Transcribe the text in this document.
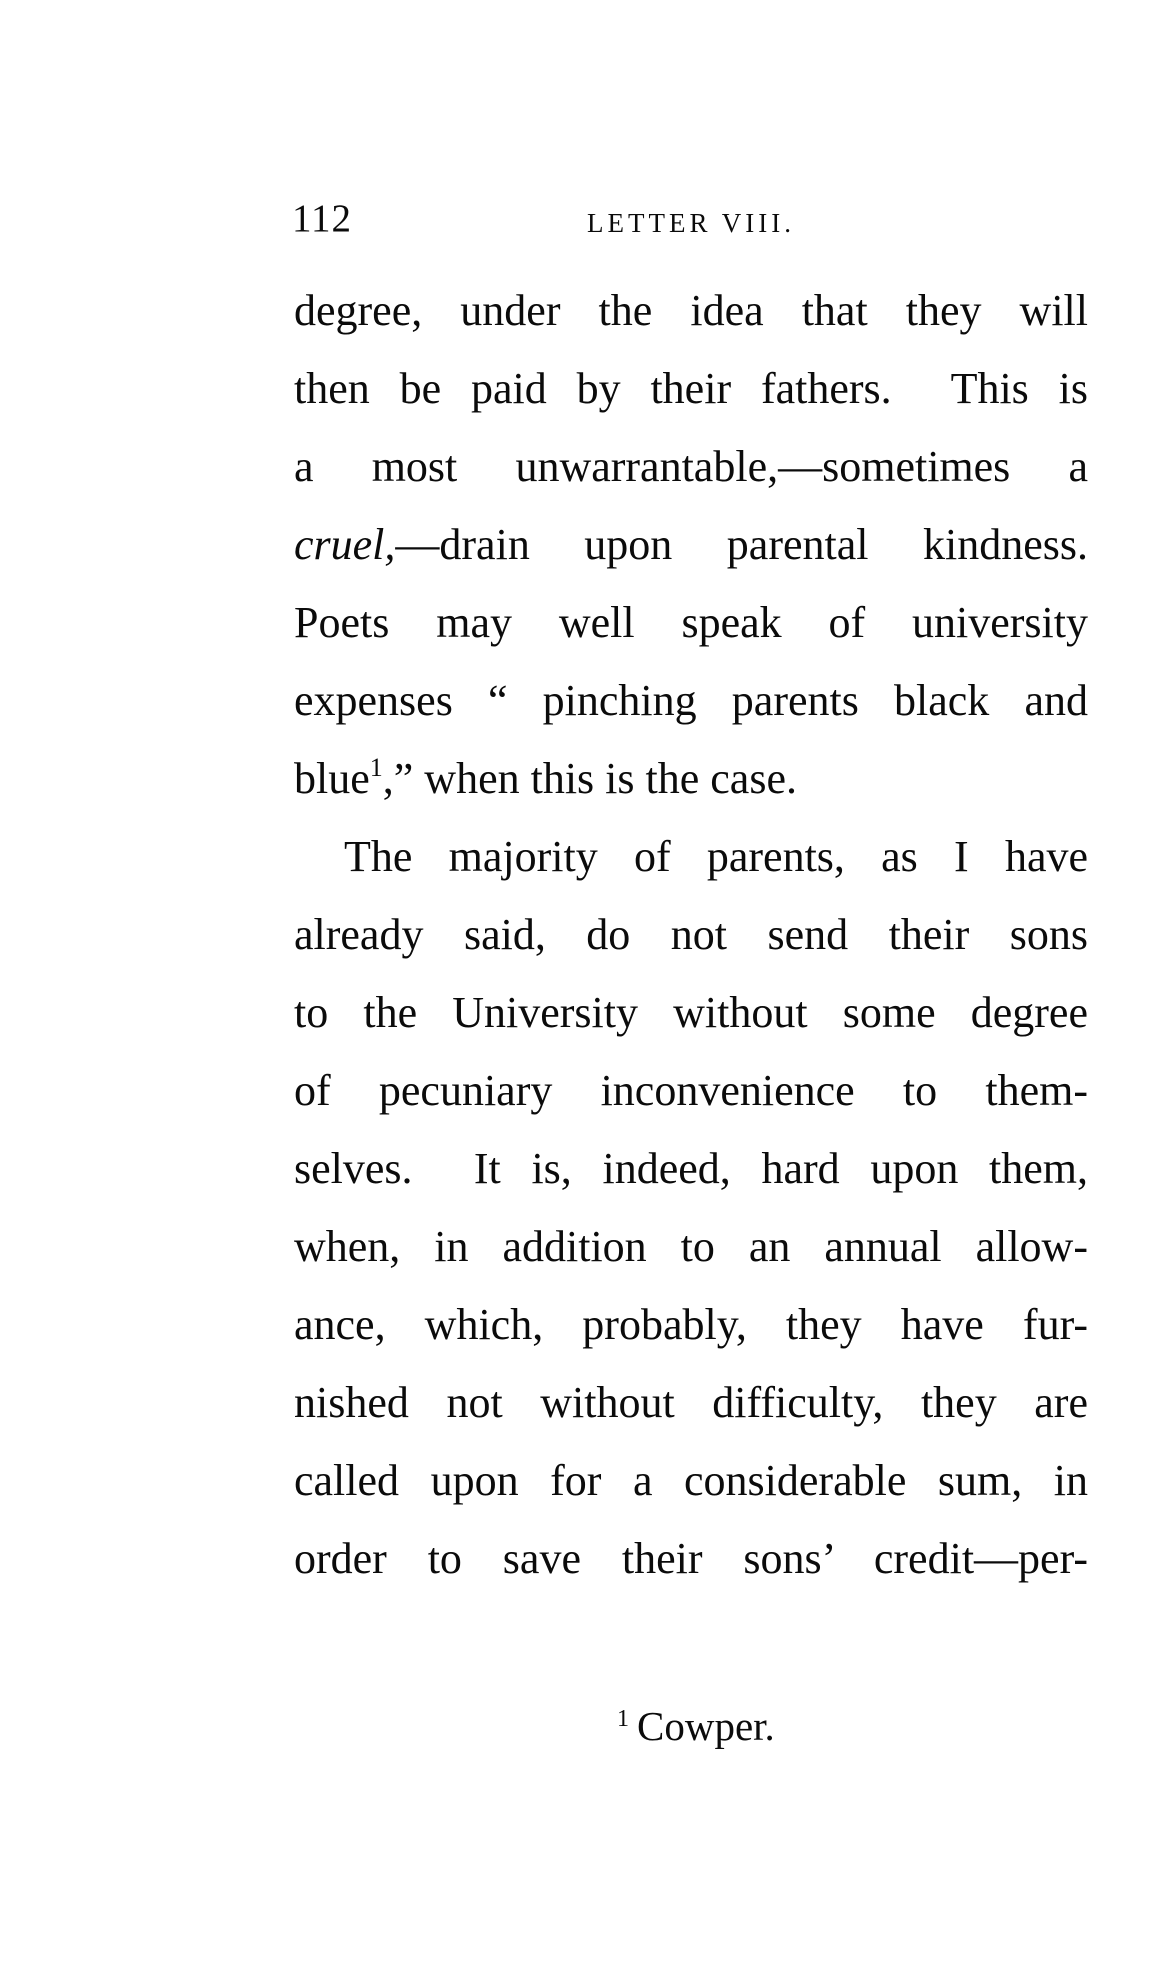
112	LETTER VIII.
degree, under the idea that they will
then be paid by their fathers.  This is
a most unwarrantable,—sometimes a
cruel,—drain upon parental kindness.
Poets may well speak of university
expenses “ pinching parents black and
blue$^1$,” when this is the case.
The majority of parents, as I have
already said, do not send their sons
to the University without some degree
of pecuniary inconvenience to them-
selves.  It is, indeed, hard upon them,
when, in addition to an annual allow-
ance, which, probably, they have fur-
nished not without difficulty, they are
called upon for a considerable sum, in
order to save their sons’ credit—per-
$^1$ Cowper.
